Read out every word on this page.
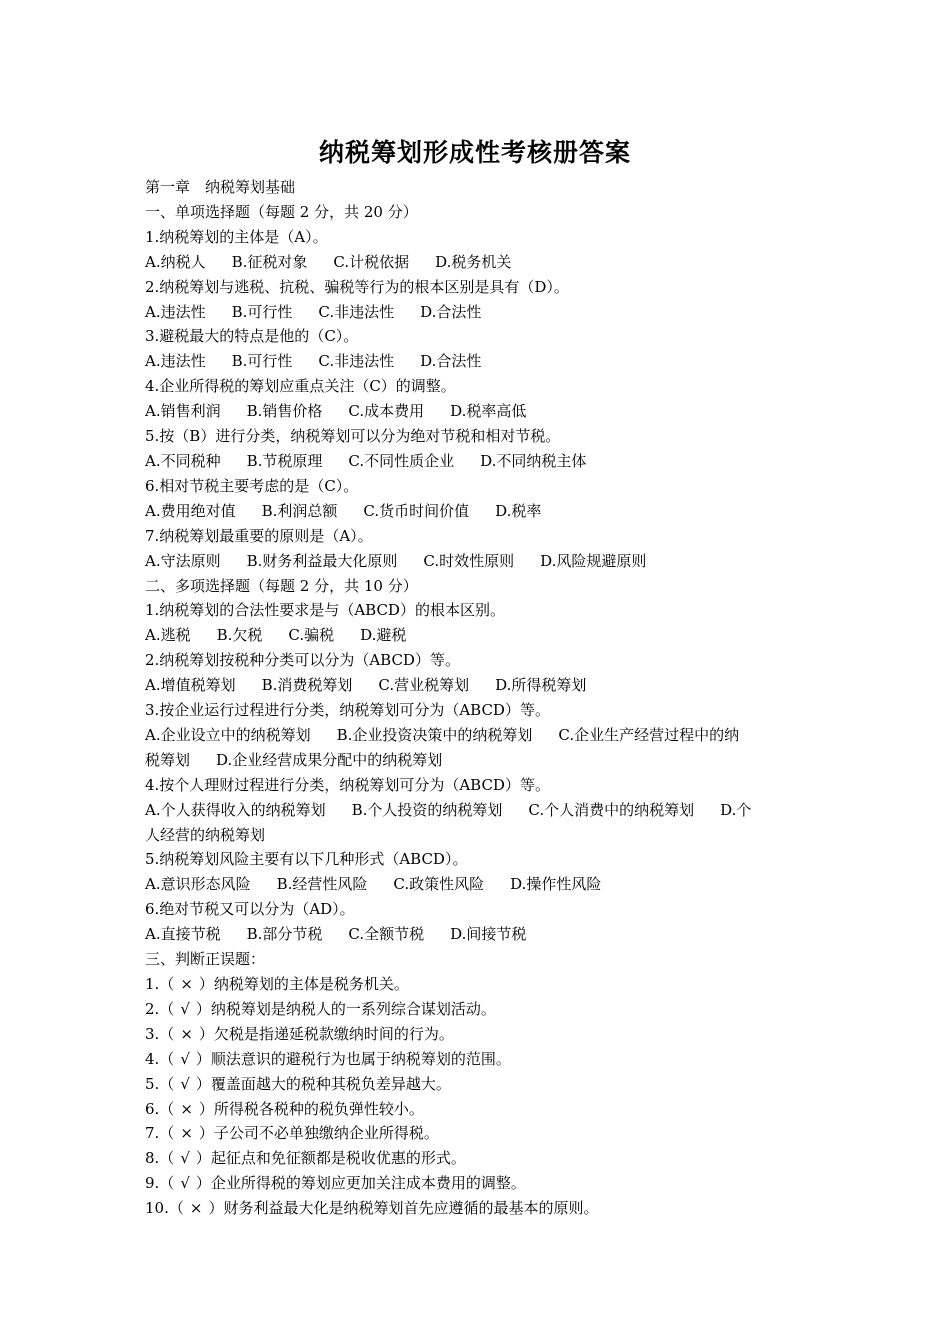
纳税筹划形成性考核册答案
第一章　纳税筹划基础
一、单项选择题（每题 2 分，共 20 分）
1.纳税筹划的主体是（A）。
A.纳税人 B.征税对象 C.计税依据 D.税务机关
2.纳税筹划与逃税、抗税、骗税等行为的根本区别是具有（D）。
A.违法性 B.可行性 C.非违法性 D.合法性
3.避税最大的特点是他的（C）。
A.违法性 B.可行性 C.非违法性 D.合法性
4.企业所得税的筹划应重点关注（C）的调整。
A.销售利润 B.销售价格 C.成本费用 D.税率高低
5.按（B）进行分类，纳税筹划可以分为绝对节税和相对节税。
A.不同税种 B.节税原理 C.不同性质企业 D.不同纳税主体
6.相对节税主要考虑的是（C）。
A.费用绝对值 B.利润总额 C.货币时间价值 D.税率
7.纳税筹划最重要的原则是（A）。
A.守法原则 B.财务利益最大化原则 C.时效性原则 D.风险规避原则
二、多项选择题（每题 2 分，共 10 分）
1.纳税筹划的合法性要求是与（ABCD）的根本区别。
A.逃税 B.欠税 C.骗税 D.避税
2.纳税筹划按税种分类可以分为（ABCD）等。
A.增值税筹划 B.消费税筹划 C.营业税筹划 D.所得税筹划
3.按企业运行过程进行分类，纳税筹划可分为（ABCD）等。
A.企业设立中的纳税筹划 B.企业投资决策中的纳税筹划 C.企业生产经营过程中的纳
税筹划 D.企业经营成果分配中的纳税筹划
4.按个人理财过程进行分类，纳税筹划可分为（ABCD）等。
A.个人获得收入的纳税筹划 B.个人投资的纳税筹划 C.个人消费中的纳税筹划 D.个
人经营的纳税筹划
5.纳税筹划风险主要有以下几种形式（ABCD）。
A.意识形态风险 B.经营性风险 C.政策性风险 D.操作性风险
6.绝对节税又可以分为（AD）。
A.直接节税 B.部分节税 C.全额节税 D.间接节税
三、判断正误题：
1.（ × ）纳税筹划的主体是税务机关。
2.（ √ ）纳税筹划是纳税人的一系列综合谋划活动。
3.（ × ）欠税是指递延税款缴纳时间的行为。
4.（ √ ）顺法意识的避税行为也属于纳税筹划的范围。
5.（ √ ）覆盖面越大的税种其税负差异越大。
6.（ × ）所得税各税种的税负弹性较小。
7.（ × ）子公司不必单独缴纳企业所得税。
8.（ √ ）起征点和免征额都是税收优惠的形式。
9.（ √ ）企业所得税的筹划应更加关注成本费用的调整。
10.（ × ）财务利益最大化是纳税筹划首先应遵循的最基本的原则。
